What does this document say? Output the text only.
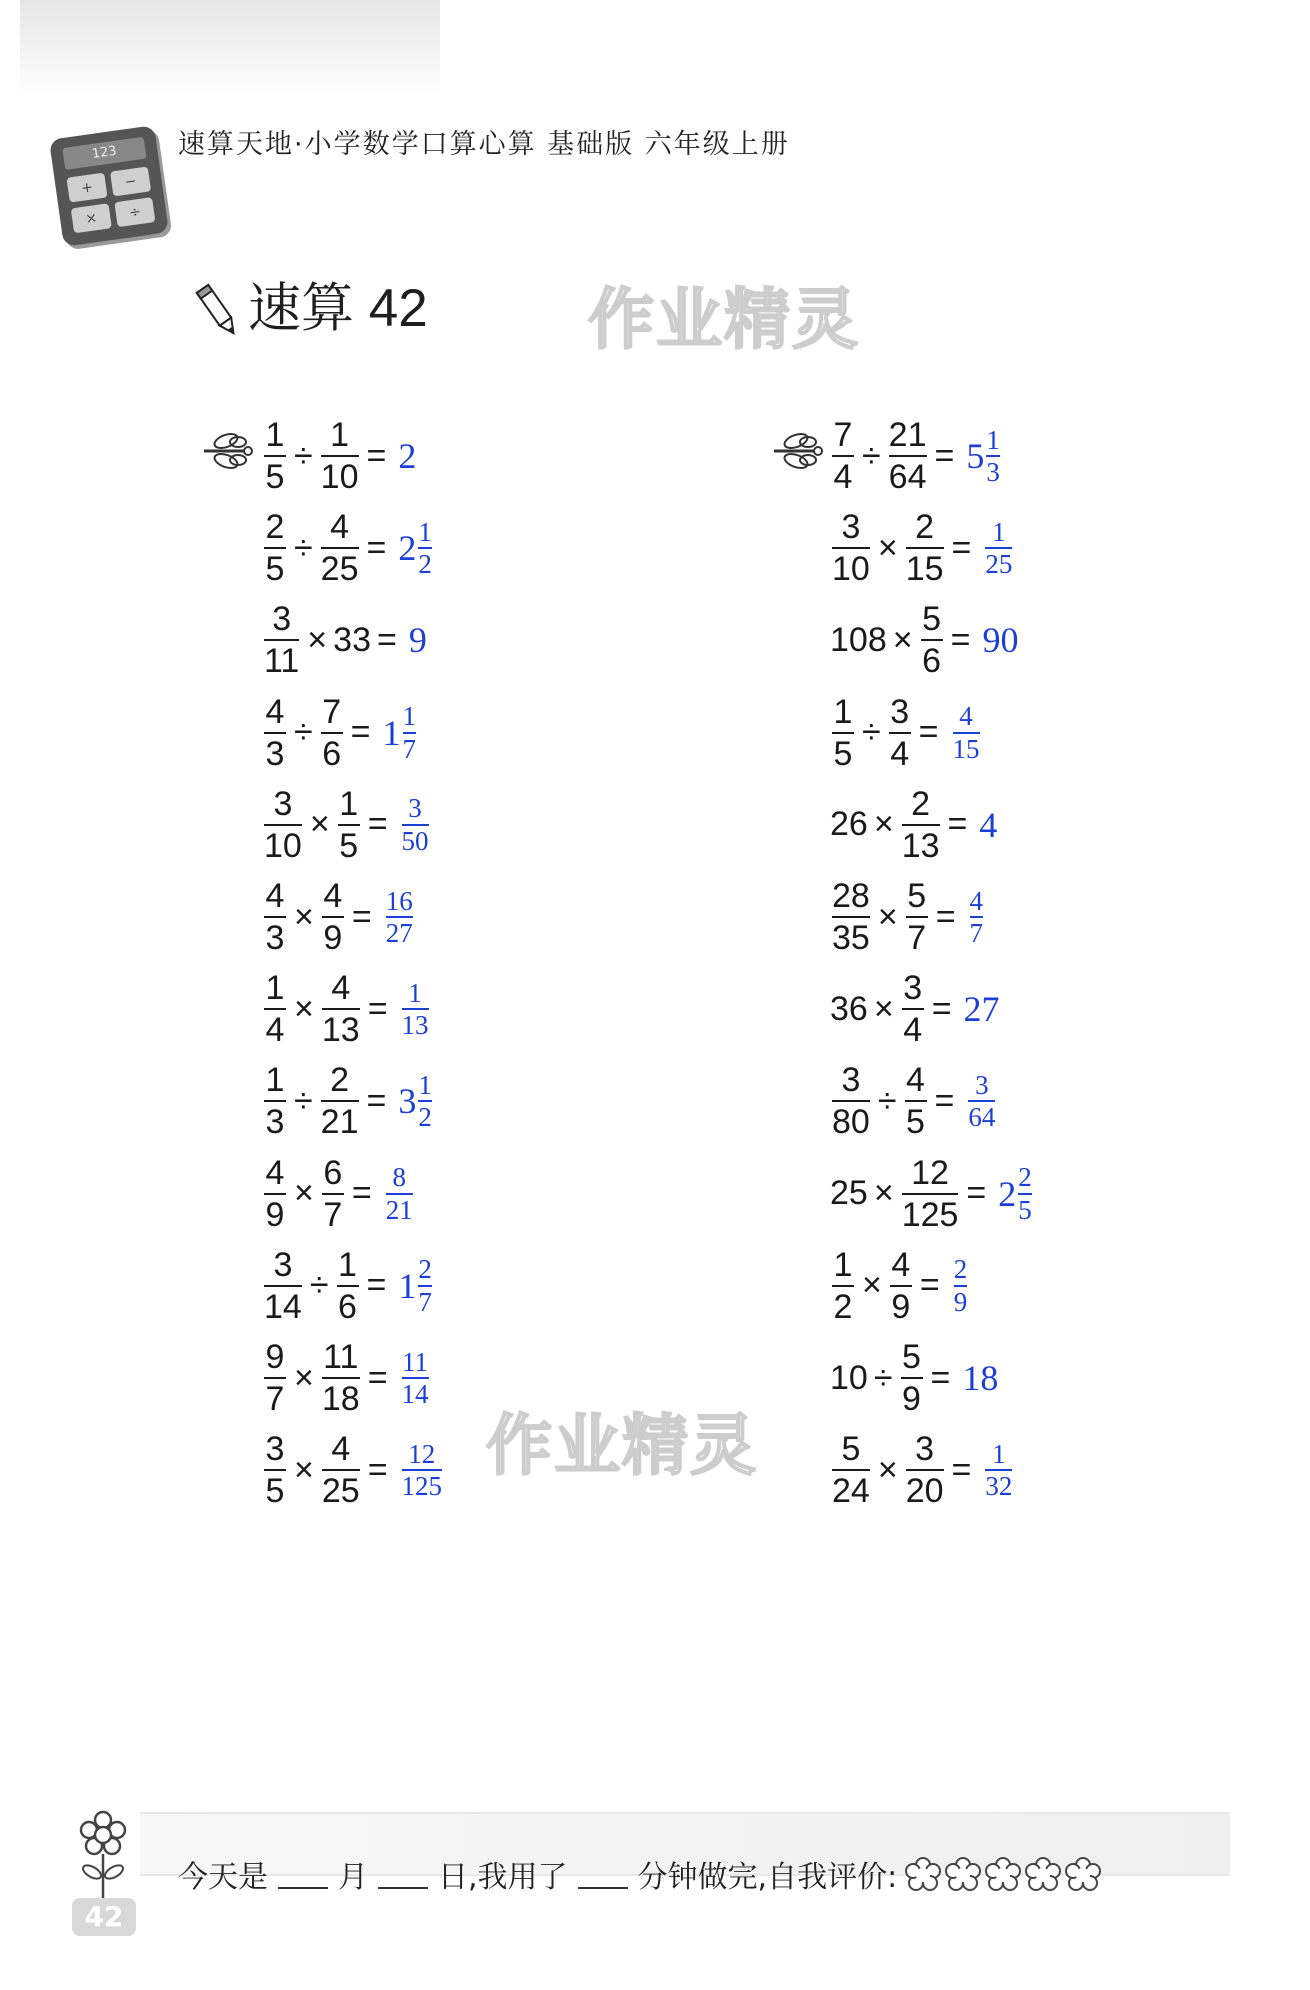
123
+	−
×	÷
速算天地·小学数学口算心算 基础版 六年级上册
速算 42 作业精灵
作业精灵
$\frac{1}{5} \div \frac{1}{10} = 2$
$\frac{2}{5} \div \frac{4}{25} = 2$ 1
2
$\frac{3}{11} \times 33 = 9$
$\frac{4}{3} \div \frac{7}{6} = 1$ 1
7
$\frac{3}{10} \times \frac{1}{5} = 3$
50
$\frac{4}{3} \times \frac{4}{9} = 16$
27
$\frac{1}{4} \times \frac{4}{13} = 1$
13
$\frac{1}{3} \div \frac{2}{21} = 3$ 1
2
$\frac{4}{9} \times \frac{6}{7} = 8$
21
$\frac{3}{14} \div \frac{1}{6} = 1$ 2
7
$\frac{9}{7} \times \frac{11}{18} = 11$
14
$\frac{3}{5} \times \frac{4}{25} = 12$
125
$\frac{7}{4} \div \frac{21}{64} = 5$ 1
3
$\frac{3}{10} \times \frac{2}{15} = 1$
25
$108 \times \frac{5}{6} = 90$
$\frac{1}{5} \div \frac{3}{4} = 4$
15
$26 \times \frac{2}{13} = 4$
$\frac{28}{35} \times \frac{5}{7} = 4$
7
$36 \times \frac{3}{4} = 27$
$\frac{3}{80} \div \frac{4}{5} = 3$
64
$25 \times \frac{12}{125} = 2$ 2
5
$\frac{1}{2} \times \frac{4}{9} = 2$
9
$10 \div \frac{5}{9} = 18$
$\frac{5}{24} \times \frac{3}{20} = 1$
32
42
今天是 月 日,我用了 分钟做完,自我评价:
